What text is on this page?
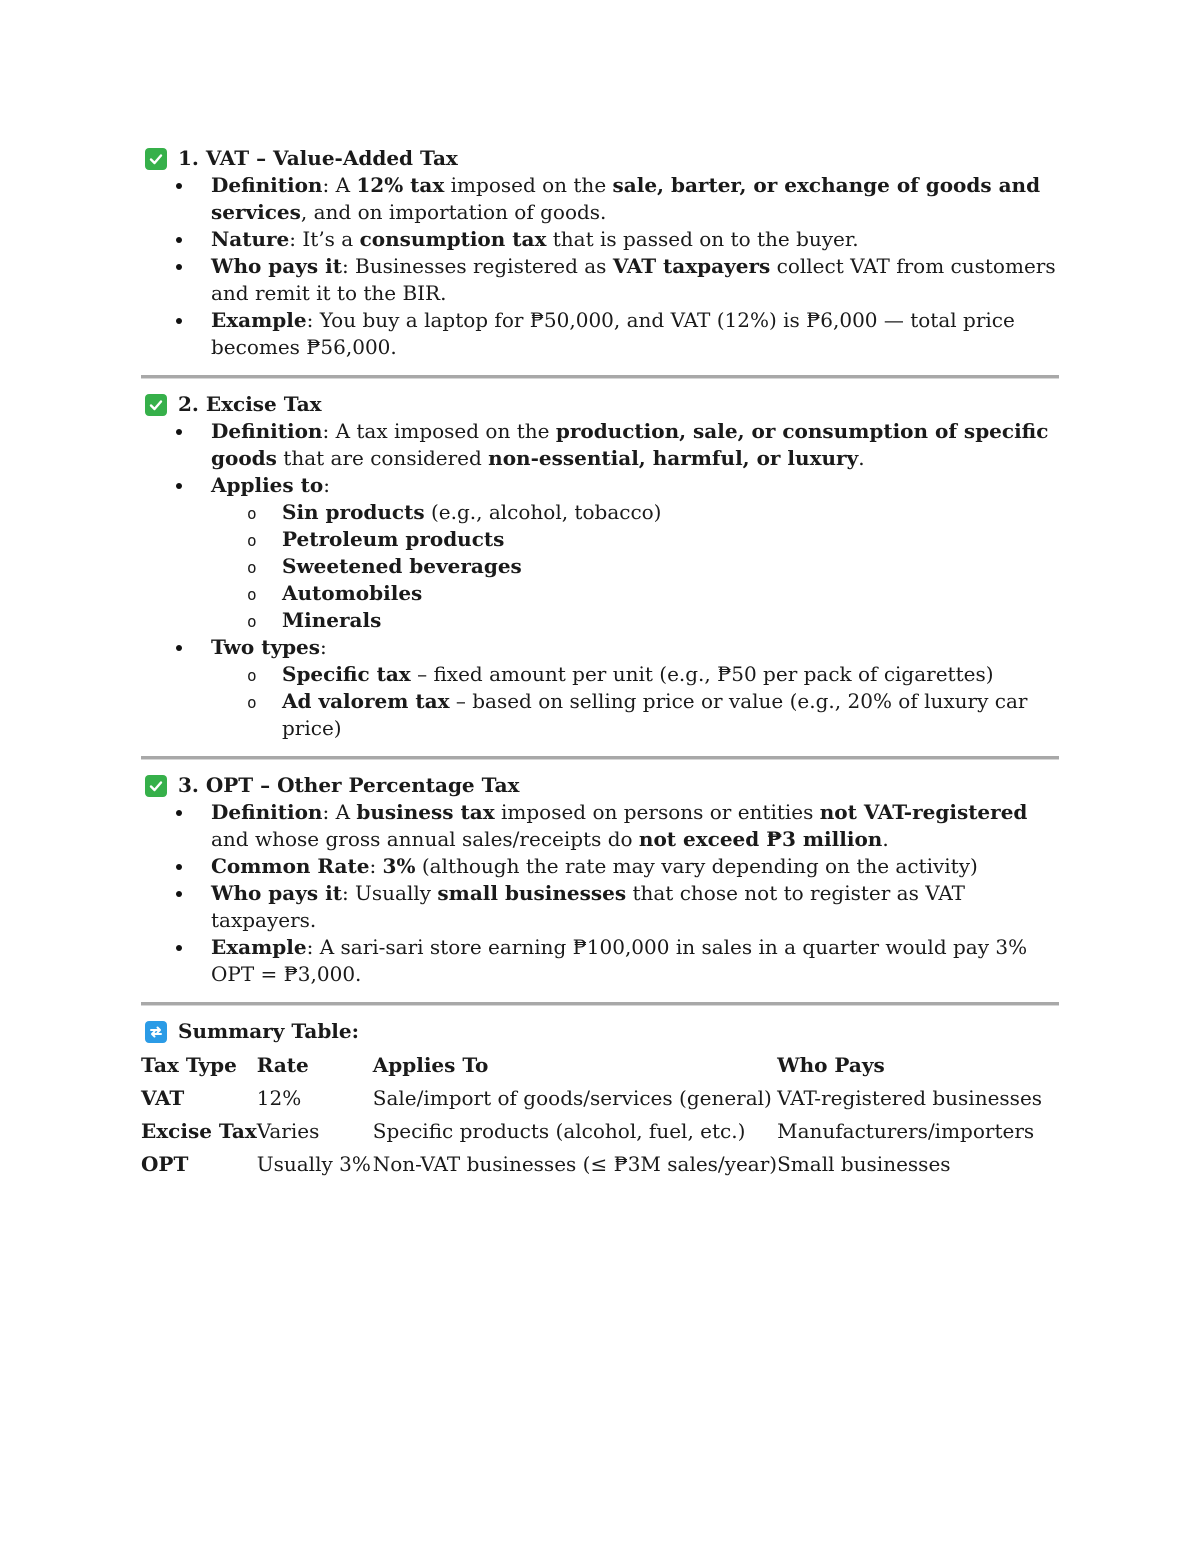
1. VAT – Value-Added Tax
Definition: A 12% tax imposed on the sale, barter, or exchange of goods and services, and on importation of goods.
Nature: It’s a consumption tax that is passed on to the buyer.
Who pays it: Businesses registered as VAT taxpayers collect VAT from customers and remit it to the BIR.
Example: You buy a laptop for ₱50,000, and VAT (12%) is ₱6,000 — total price becomes ₱56,000.
2. Excise Tax
Definition: A tax imposed on the production, sale, or consumption of specific goods that are considered non-essential, harmful, or luxury.
Applies to:
o Sin products (e.g., alcohol, tobacco)
o Petroleum products
o Sweetened beverages
o Automobiles
o Minerals
Two types:
o Specific tax – fixed amount per unit (e.g., ₱50 per pack of cigarettes)
o Ad valorem tax – based on selling price or value (e.g., 20% of luxury car price)
3. OPT – Other Percentage Tax
Definition: A business tax imposed on persons or entities not VAT-registered and whose gross annual sales/receipts do not exceed ₱3 million.
Common Rate: 3% (although the rate may vary depending on the activity)
Who pays it: Usually small businesses that chose not to register as VAT taxpayers.
Example: A sari-sari store earning ₱100,000 in sales in a quarter would pay 3% OPT = ₱3,000.
Summary Table:
Tax Type	Rate	Applies To	Who Pays
VAT	12%	Sale/import of goods/services (general)	VAT-registered businesses
Excise Tax	Varies	Specific products (alcohol, fuel, etc.)	Manufacturers/importers
OPT	Usually 3%	Non-VAT businesses (≤ ₱3M sales/year)	Small businesses
